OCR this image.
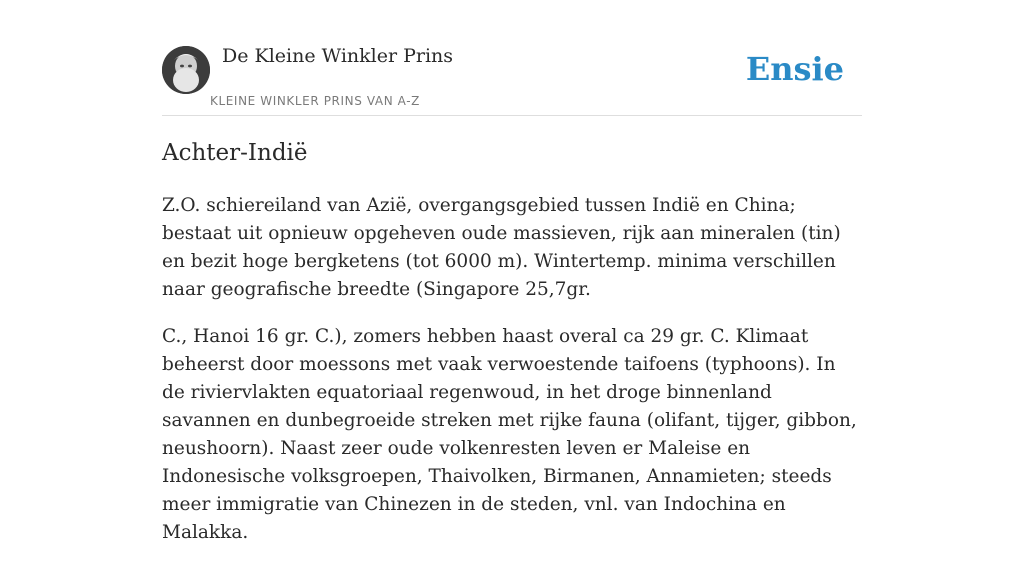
De Kleine Winkler Prins
KLEINE WINKLER PRINS VAN A-Z
Ensie
Achter-Indië

Z.O. schiereiland van Azië, overgangsgebied tussen Indië en China; bestaat uit opnieuw opgeheven oude massieven, rijk aan mineralen (tin) en bezit hoge bergketens (tot 6000 m). Wintertemp. minima verschillen naar geografische breedte (Singapore 25,7gr.

C., Hanoi 16 gr. C.), zomers hebben haast overal ca 29 gr. C. Klimaat beheerst door moessons met vaak verwoestende taifoens (typhoons). In de riviervlakten equatoriaal regenwoud, in het droge binnenland savannen en dunbegroeide streken met rijke fauna (olifant, tijger, gibbon, neushoorn). Naast zeer oude volkenresten leven er Maleise en Indonesische volksgroepen, Thaivolken, Birmanen, Annamieten; steeds meer immigratie van Chinezen in de steden, vnl. van Indochina en Malakka.
